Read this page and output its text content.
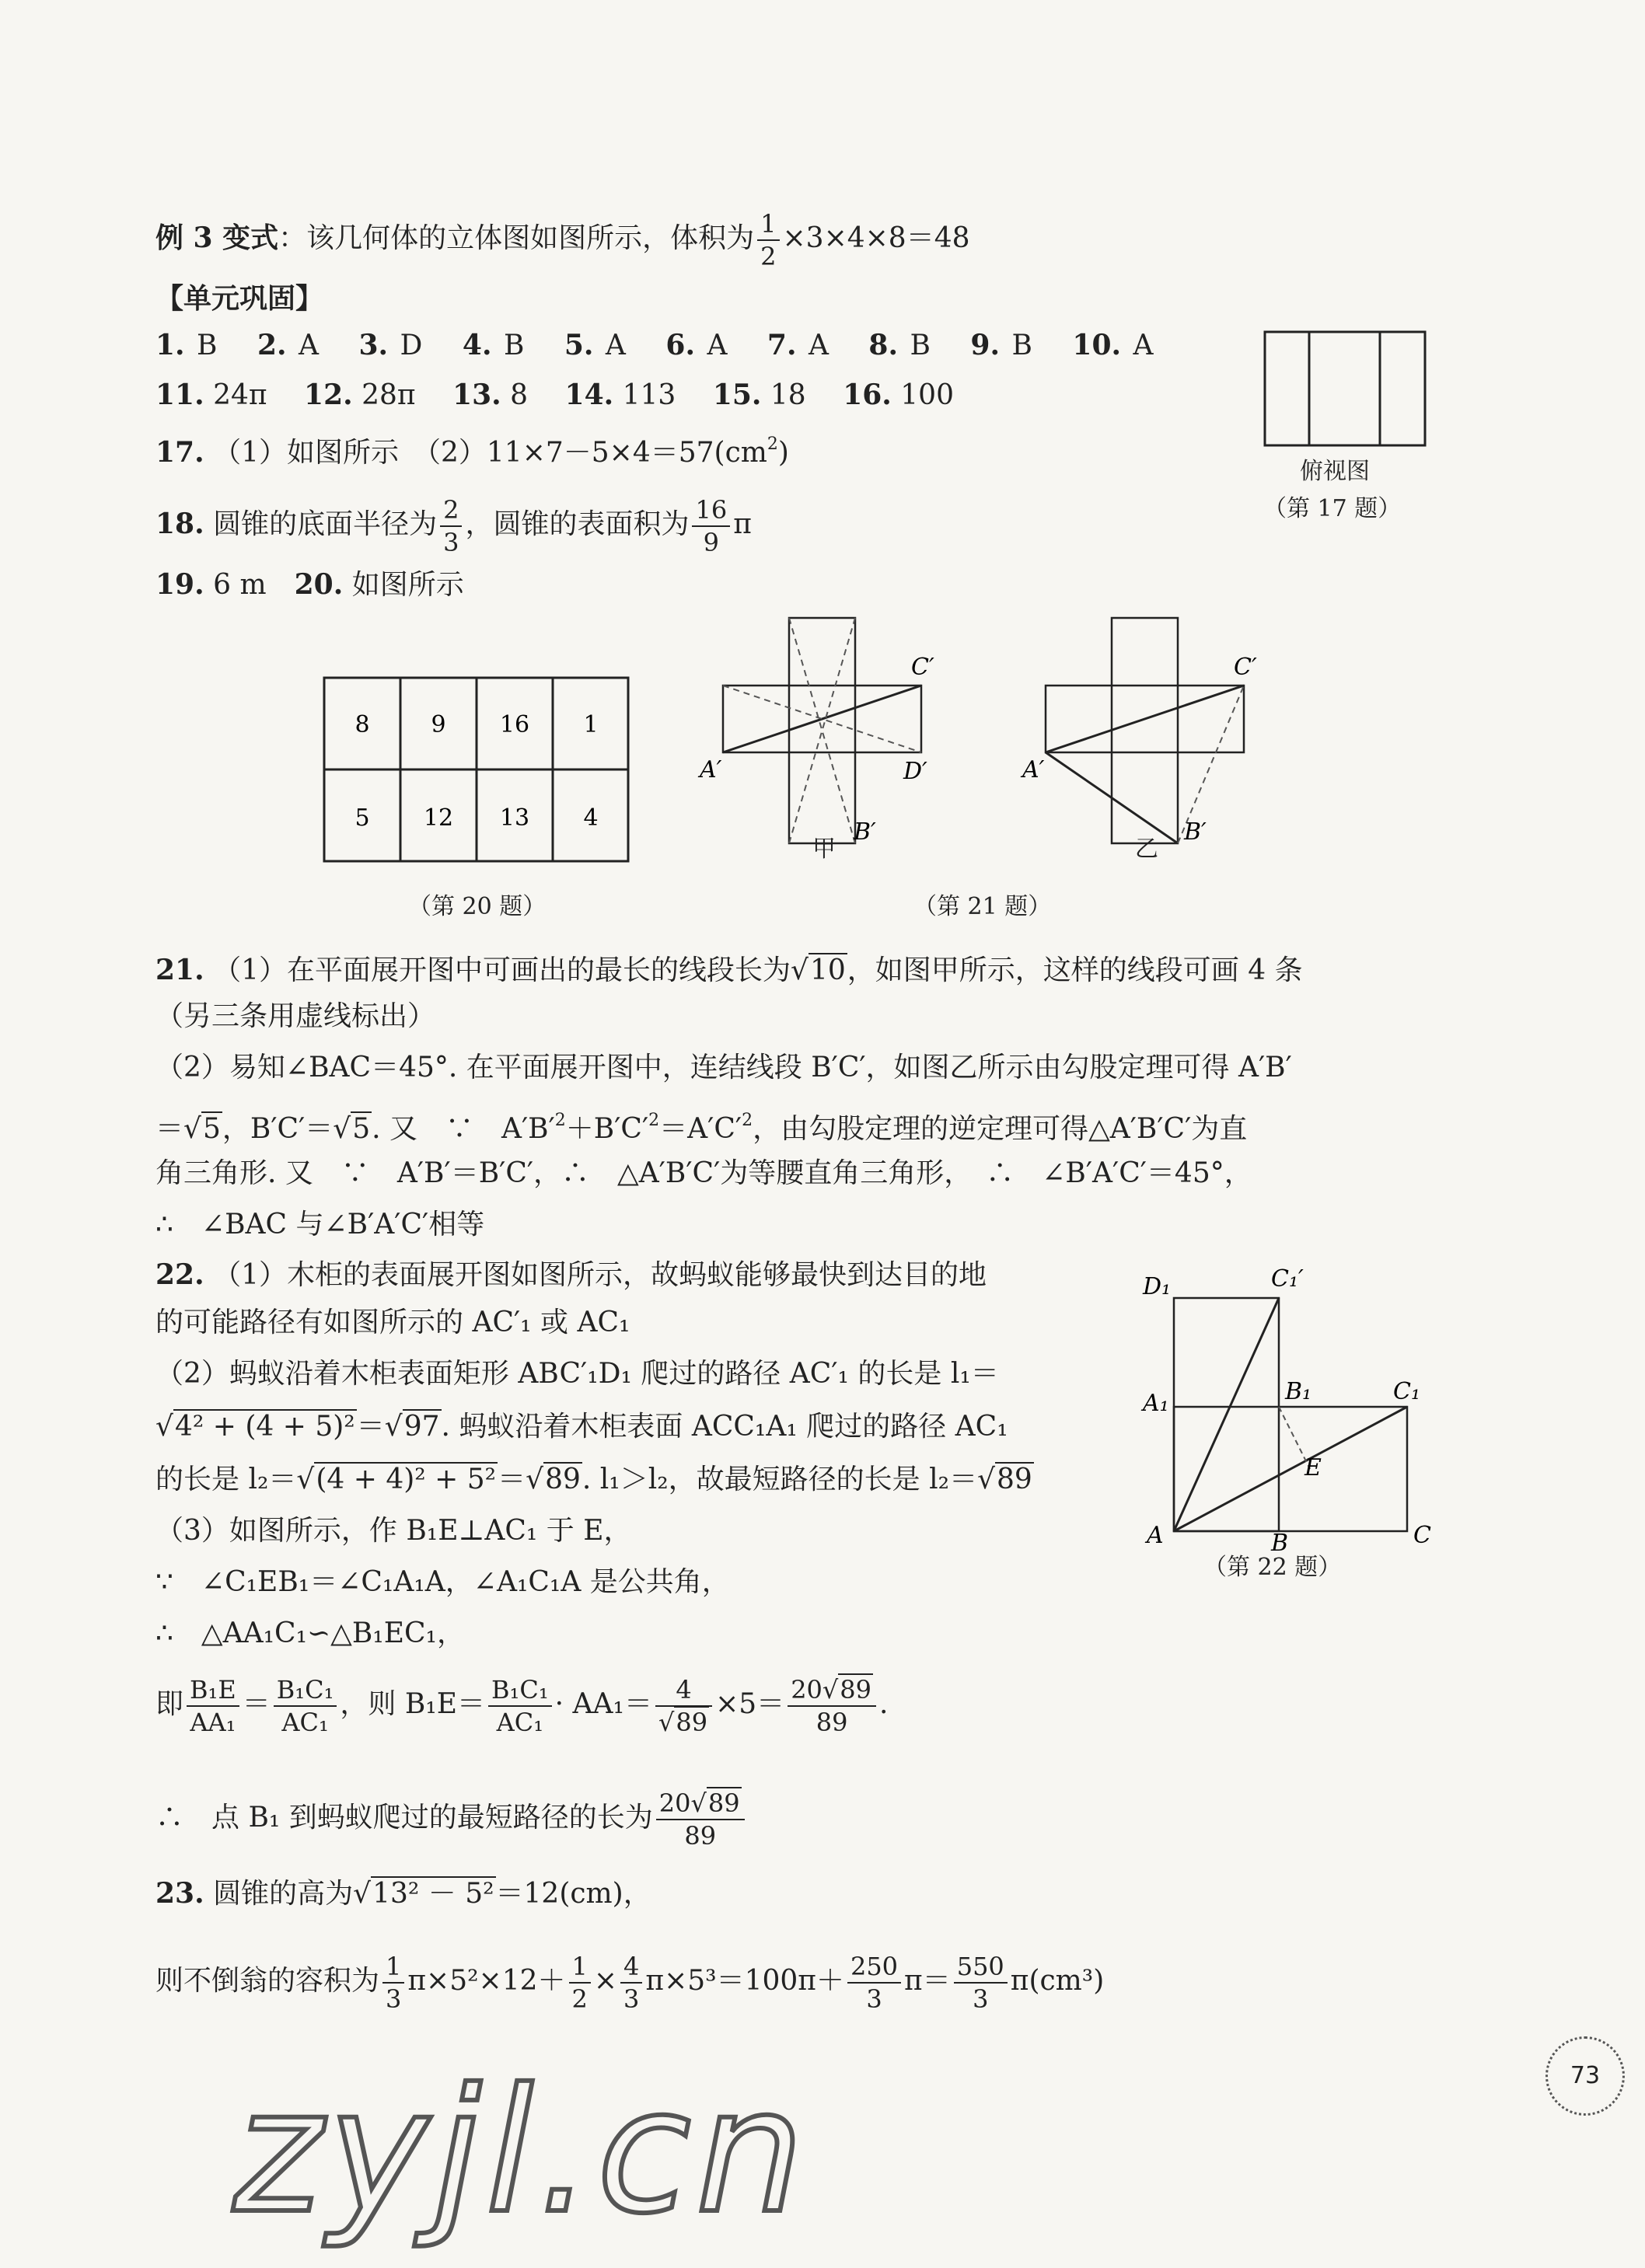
例 3 变式：该几何体的立体图如图所示，体积为 $\frac{1}{2} \times 3\times 4\times 8=48$
【单元巩固】
1. B　 2. A　 3. D　 4. B　 5. A　 6. A　 7. A　 8. B　 9. B　 10. A
11. 24π　 12. 28π　 13. 8　 14. 113　 15. 18　 16. 100
17. （1）如图所示　$(2)11\times 7-5\times 4=57(cm^2)$
18. 圆锥的底面半径为 $\frac{2}{3}$ ，圆锥的表面积为 $\frac{16}{9}$ π
19. 6 m　 20. 如图所示
俯视图
（第 17 题）
8	9 16 1
5 12 13 4
（第 20 题）
A′
C′
D′
B′
甲
A′
C′
B′
乙
（第 21 题）
21. （1）在平面展开图中可画出的最长的线段长为√10，如图甲所示，这样的线段可画 4 条
（另三条用虚线标出）
（2）易知∠BAC＝45°. 在平面展开图中，连结线段 B′C′，如图乙所示由勾股定理可得 A′B′
＝√5，B′C′＝√5. 又　∵　$A'B'^2+B'C'^2=A'C'^2$，由勾股定理的逆定理可得△A′B′C′为直
角三角形. 又　∵　A′B′＝B′C′，∴　△A′B′C′为等腰直角三角形，　∴　∠B′A′C′＝45°，
∴　∠BAC 与∠B′A′C′相等
22. （1）木柜的表面展开图如图所示，故蚂蚁能够最快到达目的地
的可能路径有如图所示的 AC′₁ 或 AC₁
（2）蚂蚁沿着木柜表面矩形 ABC′₁D₁ 爬过的路径 AC′₁ 的长是 l₁＝
√4² + (4 + 5)²＝√97. 蚂蚁沿着木柜表面 ACC₁A₁ 爬过的路径 AC₁
的长是 l₂＝√(4 + 4)² + 5²＝√89. l₁＞l₂，故最短路径的长是 l₂＝√89
（3）如图所示，作 B₁E⊥AC₁ 于 E，
∵　∠C₁EB₁＝∠C₁A₁A，∠A₁C₁A 是公共角，
∴　△AA₁C₁∽△B₁EC₁，
即 $\frac{\text{B₁E}}{\text{AA₁}} = \frac{\text{B₁C₁}}{\text{AC₁}}$ ，则 $B_1E= \frac{\text{B₁C₁}}{\text{AC₁}} \cdot AA_1= \frac{4}{√89} \times 5= \frac{20√89}{89}$ .
∴　点 B₁ 到蚂蚁爬过的最短路径的长为 $\frac{20√89}{89}$
D₁	C₁′
A₁	B₁	C₁
E
A	B	C
（第 22 题）
23. 圆锥的高为√13² － 5²＝12(cm)，
则不倒翁的容积为 $\frac{1}{3} \pi\times 5^2\times 12+ \frac{1}{2} \times \frac{4}{3} \pi\times 5^3=100\pi+ \frac{250}{3} \pi= \frac{550}{3} \pi(cm^3)$
zyjl.cn	73
